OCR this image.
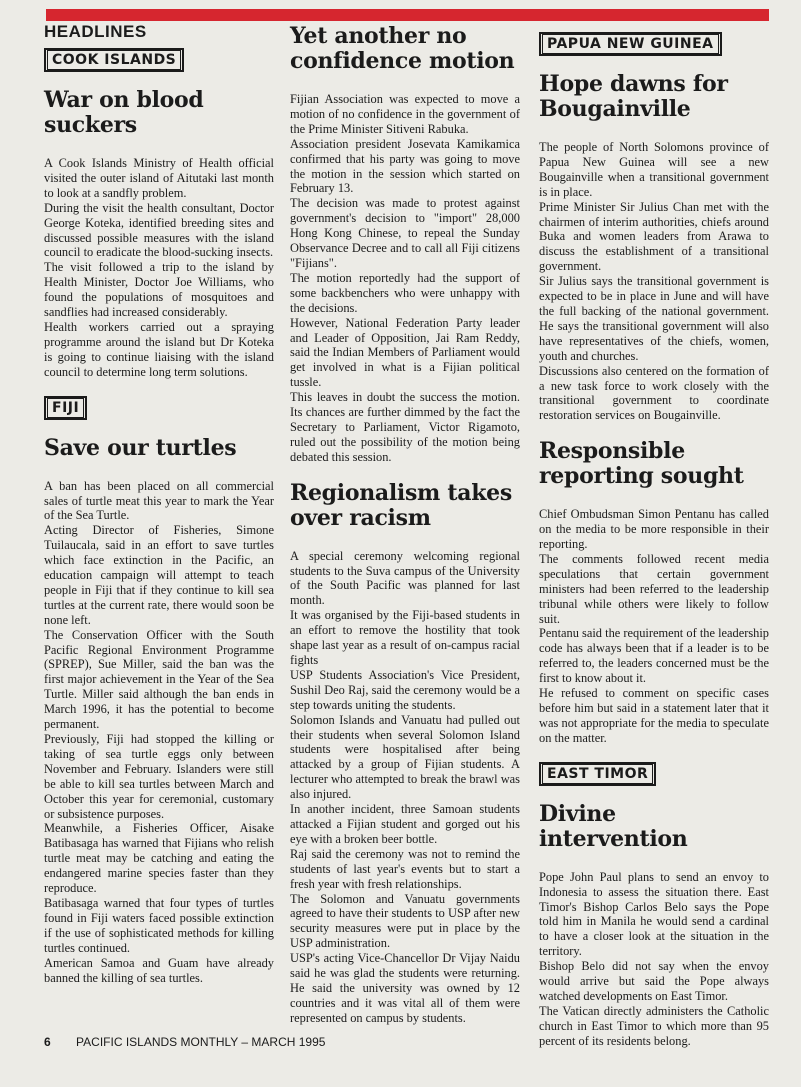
HEADLINES
COOK ISLANDS
War on blood suckers

A Cook Islands Ministry of Health official visited the outer island of Aitutaki last month to look at a sandfly problem.

During the visit the health consultant, Doctor George Koteka, identified breeding sites and discussed possible measures with the island council to eradicate the blood-sucking insects.

The visit followed a trip to the island by Health Minister, Doctor Joe Williams, who found the populations of mosquitoes and sandflies had increased considerably.

Health workers carried out a spraying programme around the island but Dr Koteka is going to continue liaising with the island council to determine long term solutions.

FIJI
Save our turtles

A ban has been placed on all commercial sales of turtle meat this year to mark the Year of the Sea Turtle.

Acting Director of Fisheries, Simone Tuilaucala, said in an effort to save turtles which face extinction in the Pacific, an education campaign will attempt to teach people in Fiji that if they continue to kill sea turtles at the current rate, there would soon be none left.

The Conservation Officer with the South Pacific Regional Environment Programme (SPREP), Sue Miller, said the ban was the first major achievement in the Year of the Sea Turtle. Miller said although the ban ends in March 1996, it has the potential to become permanent.

Previously, Fiji had stopped the killing or taking of sea turtle eggs only between November and February. Islanders were still be able to kill sea turtles between March and October this year for ceremonial, customary or subsistence purposes.

Meanwhile, a Fisheries Officer, Aisake Batibasaga has warned that Fijians who relish turtle meat may be catching and eating the endangered marine species faster than they reproduce.

Batibasaga warned that four types of turtles found in Fiji waters faced possible extinction if the use of sophisticated methods for killing turtles continued.

American Samoa and Guam have already banned the killing of sea turtles.

Yet another no confidence motion

Fijian Association was expected to move a motion of no confidence in the government of the Prime Minister Sitiveni Rabuka.

Association president Josevata Kamikamica confirmed that his party was going to move the motion in the session which started on February 13.

The decision was made to protest against government's decision to "import" 28,000 Hong Kong Chinese, to repeal the Sunday Observance Decree and to call all Fiji citizens "Fijians".

The motion reportedly had the support of some backbenchers who were unhappy with the decisions.

However, National Federation Party leader and Leader of Opposition, Jai Ram Reddy, said the Indian Members of Parliament would get involved in what is a Fijian political tussle.

This leaves in doubt the success the motion. Its chances are further dimmed by the fact the Secretary to Parliament, Victor Rigamoto, ruled out the possibility of the motion being debated this session.

Regionalism takes over racism

A special ceremony welcoming regional students to the Suva campus of the University of the South Pacific was planned for last month.

It was organised by the Fiji-based students in an effort to remove the hostility that took shape last year as a result of on-campus racial fights

USP Students Association's Vice President, Sushil Deo Raj, said the ceremony would be a step towards uniting the students.

Solomon Islands and Vanuatu had pulled out their students when several Solomon Island students were hospitalised after being attacked by a group of Fijian students. A lecturer who attempted to break the brawl was also injured.

In another incident, three Samoan students attacked a Fijian student and gorged out his eye with a broken beer bottle.

Raj said the ceremony was not to remind the students of last year's events but to start a fresh year with fresh relationships.

The Solomon and Vanuatu governments agreed to have their students to USP after new security measures were put in place by the USP administration.

USP's acting Vice-Chancellor Dr Vijay Naidu said he was glad the students were returning. He said the university was owned by 12 countries and it was vital all of them were represented on campus by students.

PAPUA NEW GUINEA
Hope dawns for Bougainville

The people of North Solomons province of Papua New Guinea will see a new Bougainville when a transitional government is in place.

Prime Minister Sir Julius Chan met with the chairmen of interim authorities, chiefs around Buka and women leaders from Arawa to discuss the establishment of a transitional government.

Sir Julius says the transitional government is expected to be in place in June and will have the full backing of the national government. He says the transitional government will also have representatives of the chiefs, women, youth and churches.

Discussions also centered on the formation of a new task force to work closely with the transitional government to coordinate restoration services on Bougainville.

Responsible reporting sought

Chief Ombudsman Simon Pentanu has called on the media to be more responsible in their reporting.

The comments followed recent media speculations that certain government ministers had been referred to the leadership tribunal while others were likely to follow suit.

Pentanu said the requirement of the leadership code has always been that if a leader is to be referred to, the leaders concerned must be the first to know about it.

He refused to comment on specific cases before him but said in a statement later that it was not appropriate for the media to speculate on the matter.

EAST TIMOR
Divine intervention

Pope John Paul plans to send an envoy to Indonesia to assess the situation there. East Timor's Bishop Carlos Belo says the Pope told him in Manila he would send a cardinal to have a closer look at the situation in the territory.

Bishop Belo did not say when the envoy would arrive but said the Pope always watched developments on East Timor.

The Vatican directly administers the Catholic church in East Timor to which more than 95 percent of its residents belong.

6 PACIFIC ISLANDS MONTHLY – MARCH 1995
